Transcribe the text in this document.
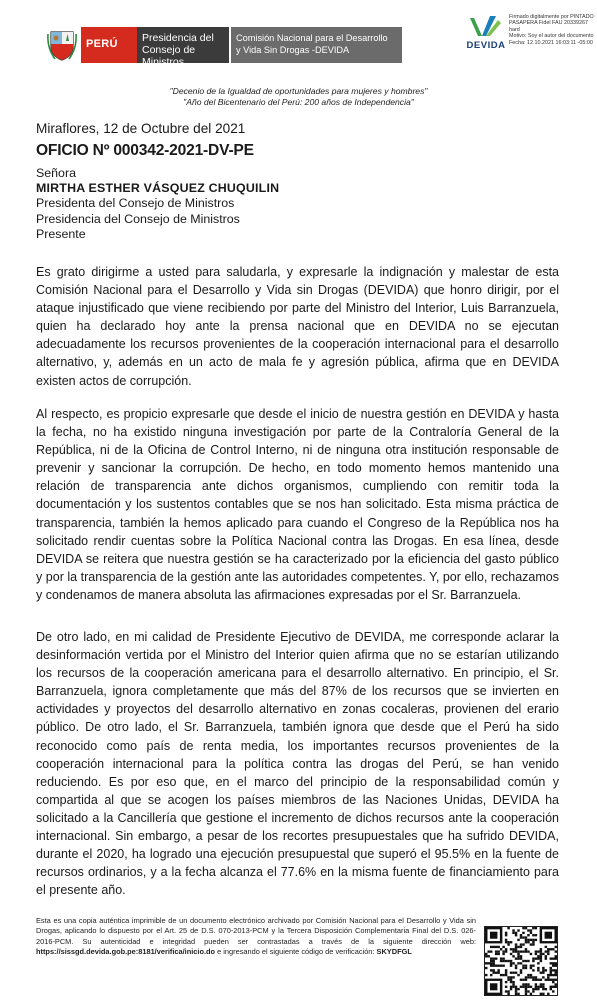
PERÚ Presidencia del
Consejo de Ministros
Comisión Nacional para el Desarrollo
y Vida Sin Drogas -DEVIDA	DEVIDA
Firmado digitalmente por PINTADO
PASAPERA Fidel FAU 20339267
hard
Motivo: Soy el autor del documento
Fecha: 12.10.2021 16:03:11 -05:00
"Decenio de la Igualdad de oportunidades para mujeres y hombres"
"Año del Bicentenario del Perú: 200 años de Independencia"
Miraflores, 12 de Octubre del 2021
OFICIO Nº 000342-2021-DV-PE
Señora
MIRTHA ESTHER VÁSQUEZ CHUQUILIN
Presidenta del Consejo de Ministros
Presidencia del Consejo de Ministros
Presente

Es grato dirigirme a usted para saludarla, y expresarle la indignación y malestar de esta Comisión Nacional para el Desarrollo y Vida sin Drogas (DEVIDA) que honro dirigir, por el ataque injustificado que viene recibiendo por parte del Ministro del Interior, Luis Barranzuela, quien ha declarado hoy ante la prensa nacional que en DEVIDA no se ejecutan adecuadamente los recursos provenientes de la cooperación internacional para el desarrollo alternativo, y, además en un acto de mala fe y agresión pública, afirma que en DEVIDA existen actos de corrupción.

Al respecto, es propicio expresarle que desde el inicio de nuestra gestión en DEVIDA y hasta la fecha, no ha existido ninguna investigación por parte de la Contraloría General de la República, ni de la Oficina de Control Interno, ni de ninguna otra institución responsable de prevenir y sancionar la corrupción. De hecho, en todo momento hemos mantenido una relación de transparencia ante dichos organismos, cumpliendo con remitir toda la documentación y los sustentos contables que se nos han solicitado. Esta misma práctica de transparencia, también la hemos aplicado para cuando el Congreso de la República nos ha solicitado rendir cuentas sobre la Política Nacional contra las Drogas. En esa línea, desde DEVIDA se reitera que nuestra gestión se ha caracterizado por la eficiencia del gasto público y por la transparencia de la gestión ante las autoridades competentes. Y, por ello, rechazamos y condenamos de manera absoluta las afirmaciones expresadas por el Sr. Barranzuela.

De otro lado, en mi calidad de Presidente Ejecutivo de DEVIDA, me corresponde aclarar la desinformación vertida por el Ministro del Interior quien afirma que no se estarían utilizando los recursos de la cooperación americana para el desarrollo alternativo. En principio, el Sr. Barranzuela, ignora completamente que más del 87% de los recursos que se invierten en actividades y proyectos del desarrollo alternativo en zonas cocaleras, provienen del erario público. De otro lado, el Sr. Barranzuela, también ignora que desde que el Perú ha sido reconocido como país de renta media, los importantes recursos provenientes de la cooperación internacional para la política contra las drogas del Perú, se han venido reduciendo. Es por eso que, en el marco del principio de la responsabilidad común y compartida al que se acogen los países miembros de las Naciones Unidas, DEVIDA ha solicitado a la Cancillería que gestione el incremento de dichos recursos ante la cooperación internacional. Sin embargo, a pesar de los recortes presupuestales que ha sufrido DEVIDA, durante el 2020, ha logrado una ejecución presupuestal que superó el 95.5% en la fuente de recursos ordinarios, y a la fecha alcanza el 77.6% en la misma fuente de financiamiento para el presente año.

Esta es una copia auténtica imprimible de un documento electrónico archivado por Comisión Nacional para el Desarrollo y Vida sin Drogas, aplicando lo dispuesto por el Art. 25 de D.S. 070-2013-PCM y la Tercera Disposición Complementaria Final del D.S. 026- 2016-PCM. Su autenticidad e integridad pueden ser contrastadas a través de la siguiente dirección web: https://sissgd.devida.gob.pe:8181/verifica/inicio.do e ingresando el siguiente código de verificación: SKYDFGL
